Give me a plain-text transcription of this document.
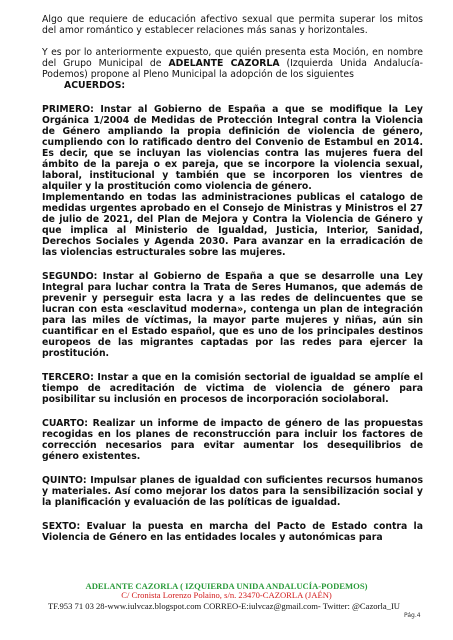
Algo que requiere de educación afectivo sexual que permita superar los mitos del amor romántico y establecer relaciones más sanas y horizontales.

Y es por lo anteriormente expuesto, que quién presenta esta Moción, en nombre del Grupo Municipal de ADELANTE CAZORLA (Izquierda Unida Andalucía-Podemos) propone al Pleno Municipal la adopción de los siguientes

ACUERDOS:

PRIMERO: Instar al Gobierno de España a que se modifique la Ley Orgánica 1/2004 de Medidas de Protección Integral contra la Violencia de Género ampliando la propia definición de violencia de género, cumpliendo con lo ratificado dentro del Convenio de Estambul en 2014. Es decir, que se incluyan las violencias contra las mujeres fuera del ámbito de la pareja o ex pareja, que se incorpore la violencia sexual, laboral, institucional y también que se incorporen los vientres de alquiler y la prostitución como violencia de género.

Implementando en todas las administraciones publicas el catalogo de medidas urgentes aprobado en el Consejo de Ministras y Ministros el 27 de julio de 2021, del Plan de Mejora y Contra la Violencia de Género y que implica al Ministerio de Igualdad, Justicia, Interior, Sanidad, Derechos Sociales y Agenda 2030. Para avanzar en la erradicación de las violencias estructurales sobre las mujeres.

SEGUNDO: Instar al Gobierno de España a que se desarrolle una Ley Integral para luchar contra la Trata de Seres Humanos, que además de prevenir y perseguir esta lacra y a las redes de delincuentes que se lucran con esta «esclavitud moderna», contenga un plan de integración para las miles de víctimas, la mayor parte mujeres y niñas, aún sin cuantificar en el Estado español, que es uno de los principales destinos europeos de las migrantes captadas por las redes para ejercer la prostitución.

TERCERO: Instar a que en la comisión sectorial de igualdad se amplíe el tiempo de acreditación de victima de violencia de género para posibilitar su inclusión en procesos de incorporación sociolaboral.

CUARTO: Realizar un informe de impacto de género de las propuestas recogidas en los planes de reconstrucción para incluir los factores de corrección necesarios para evitar aumentar los desequilibrios de género existentes.

QUINTO: Impulsar planes de igualdad con suficientes recursos humanos y materiales. Así como mejorar los datos para la sensibilización social y la planificación y evaluación de las políticas de igualdad.

SEXTO: Evaluar la puesta en marcha del Pacto de Estado contra la Violencia de Género en las entidades locales y autonómicas para

ADELANTE CAZORLA ( IZQUIERDA UNIDA ANDALUCÍA-PODEMOS)
C/ Cronista Lorenzo Polaino, s/n. 23470-CAZORLA (JAÉN)
TF.953 71 03 28-www.iulvcaz.blogspot.com CORREO-E:iulvcaz@gmail.com- Twitter: @Cazorla_IU
Pág.4
